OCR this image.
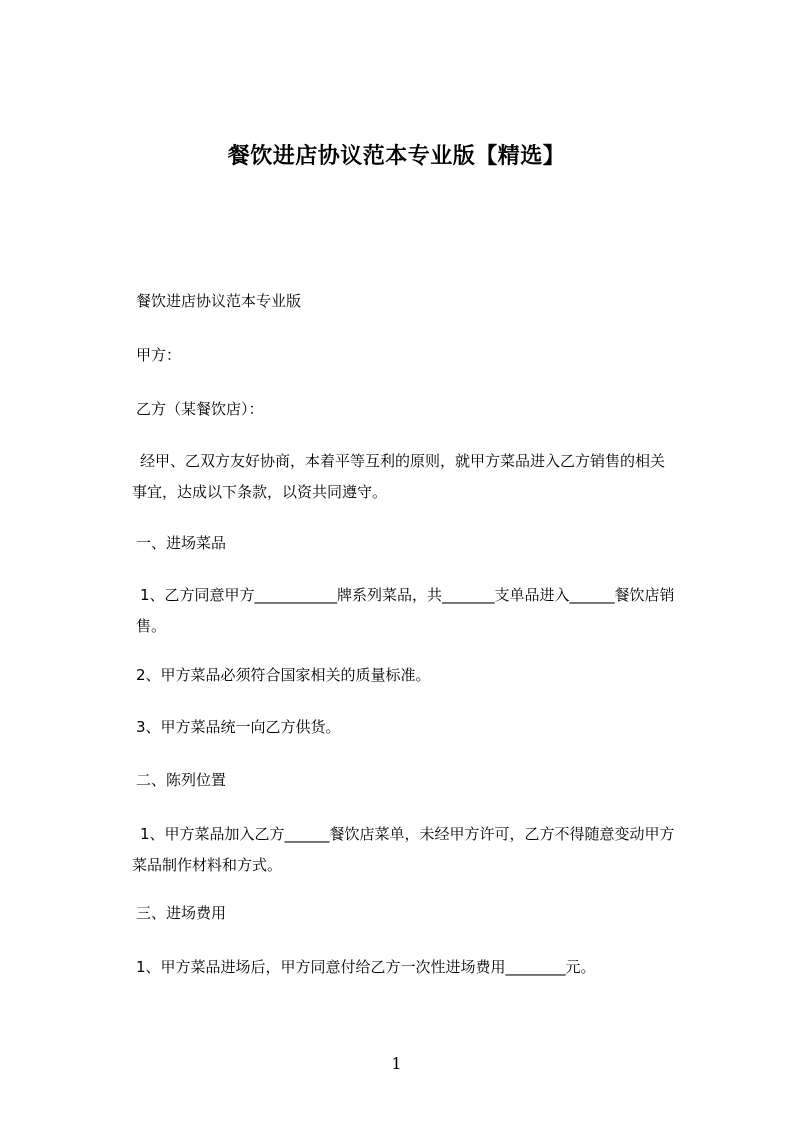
餐饮进店协议范本专业版【精选】
餐饮进店协议范本专业版
甲方：
乙方（某餐饮店）：
经甲、乙双方友好协商，本着平等互利的原则，就甲方菜品进入乙方销售的相关
事宜，达成以下条款，以资共同遵守。
一、进场菜品
1、乙方同意甲方___________牌系列菜品，共_______支单品进入______餐饮店销
售。
2、甲方菜品必须符合国家相关的质量标准。
3、甲方菜品统一向乙方供货。
二、陈列位置
1、甲方菜品加入乙方______餐饮店菜单，未经甲方许可，乙方不得随意变动甲方
菜品制作材料和方式。
三、进场费用
1、甲方菜品进场后，甲方同意付给乙方一次性进场费用________元。
1
